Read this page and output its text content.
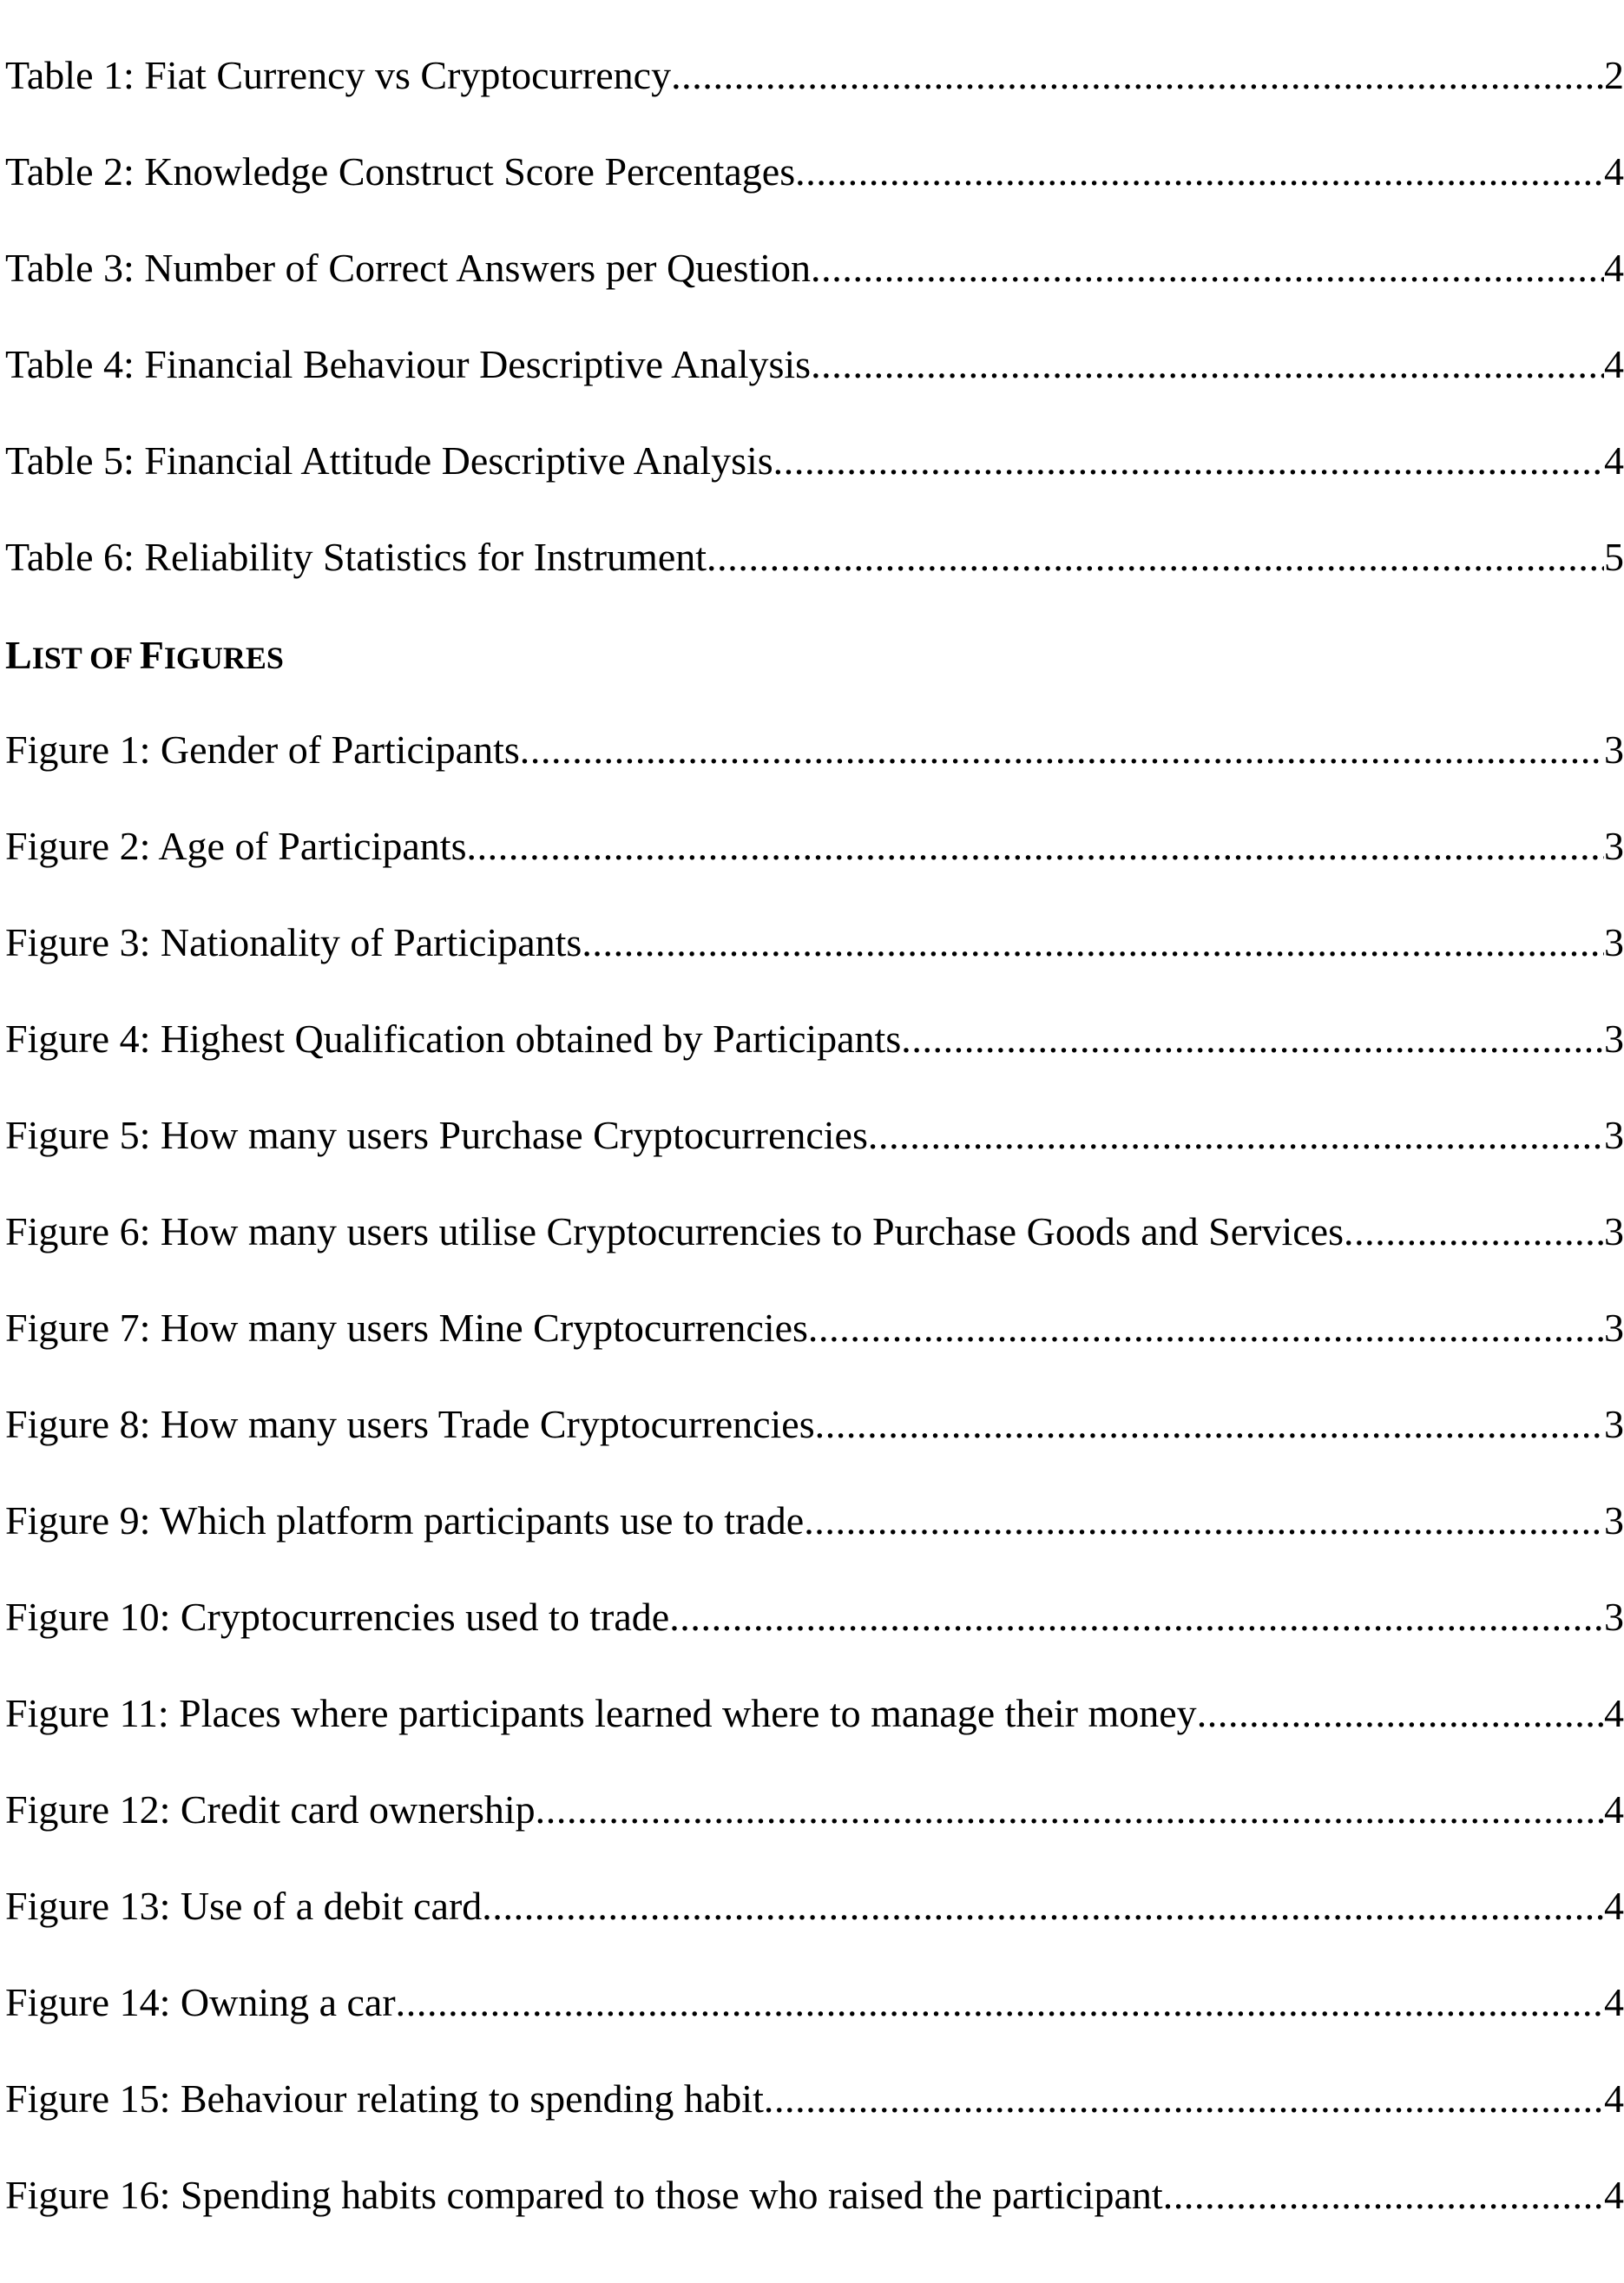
Table 1: Fiat Currency vs Cryptocurrency .....	2
Table 2: Knowledge Construct Score Percentages .....	4
Table 3: Number of Correct Answers per Question .....	4
Table 4: Financial Behaviour Descriptive Analysis .....	4
Table 5: Financial Attitude Descriptive Analysis .....	4
Table 6: Reliability Statistics for Instrument .....	5
LIST OF FIGURES
Figure 1: Gender of Participants .....	3
Figure 2: Age of Participants .....	3
Figure 3: Nationality of Participants .....	3
Figure 4: Highest Qualification obtained by Participants .....	3
Figure 5: How many users Purchase Cryptocurrencies .....	3
Figure 6: How many users utilise Cryptocurrencies to Purchase Goods and Services .....	3
Figure 7: How many users Mine Cryptocurrencies .....	3
Figure 8: How many users Trade Cryptocurrencies .....	3
Figure 9: Which platform participants use to trade .....	3
Figure 10: Cryptocurrencies used to trade .....	3
Figure 11: Places where participants learned where to manage their money .....	4
Figure 12: Credit card ownership .....	4
Figure 13: Use of a debit card .....	4
Figure 14: Owning a car .....	4
Figure 15: Behaviour relating to spending habit .....	4
Figure 16: Spending habits compared to those who raised the participant .....	4
